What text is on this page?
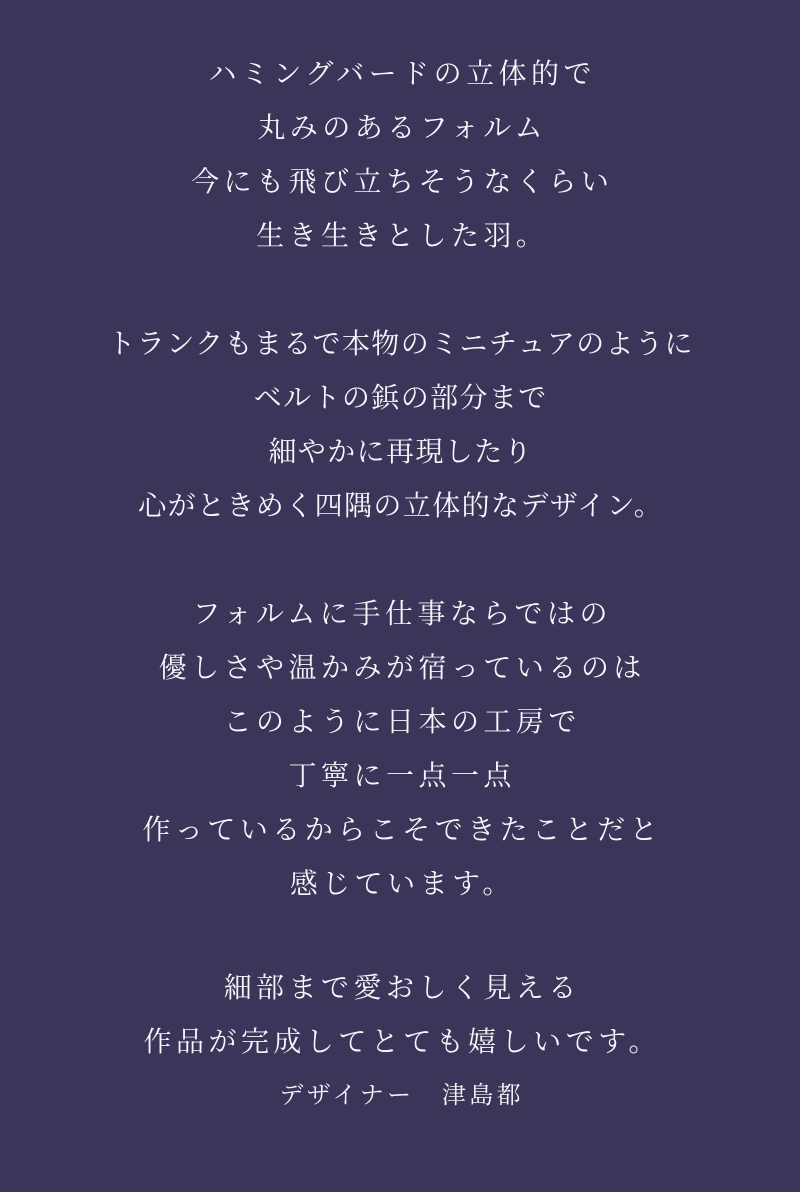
ハミングバードの立体的で
丸みのあるフォルム
今にも飛び立ちそうなくらい
生き生きとした羽。
トランクもまるで本物のミニチュアのように
ベルトの鋲の部分まで
細やかに再現したり
心がときめく四隅の立体的なデザイン。
フォルムに手仕事ならではの
優しさや温かみが宿っているのは
このように日本の工房で
丁寧に一点一点
作っているからこそできたことだと
感じています。
細部まで愛おしく見える
作品が完成してとても嬉しいです。
デザイナー　津島都
